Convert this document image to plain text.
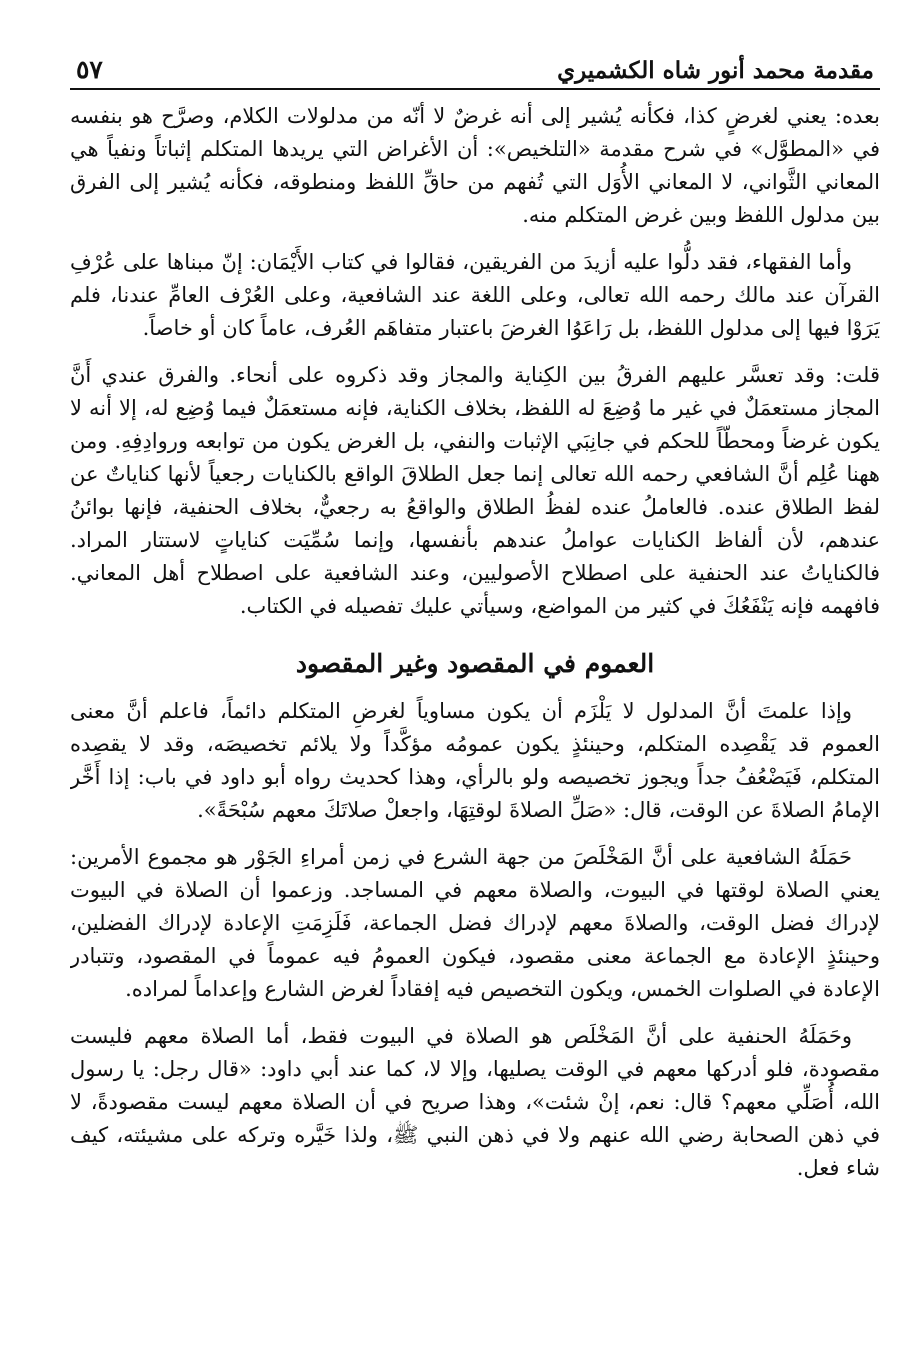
مقدمة محمد أنور شاه الكشميري
٥٧

بعده: يعني لغرضٍ كذا، فكأنه يُشير إلى أنه غرضٌ لا أنّه من مدلولات الكلام، وصرَّح هو بنفسه في «المطوَّل» في شرح مقدمة «التلخيص»: أن الأغراض التي يريدها المتكلم إثباتاً ونفياً هي المعاني الثَّواني، لا المعاني الأُوَل التي تُفهم من حاقِّ اللفظ ومنطوقه، فكأنه يُشير إلى الفرق بين مدلول اللفظ وبين غرض المتكلم منه.

وأما الفقهاء، فقد دلُّوا عليه أزيدَ من الفريقين، فقالوا في كتاب الأَيْمَان: إنّ مبناها على عُرْفِ القرآن عند مالك رحمه الله تعالى، وعلى اللغة عند الشافعية، وعلى العُرْف العامِّ عندنا، فلم يَرَوْا فيها إلى مدلول اللفظ، بل رَاعَوُا الغرضَ باعتبار متفاهَم العُرف، عاماً كان أو خاصاً.

قلت: وقد تعسَّر عليهم الفرقُ بين الكِناية والمجاز وقد ذكروه على أنحاء. والفرق عندي أَنَّ المجاز مستعمَلٌ في غير ما وُضِعَ له اللفظ، بخلاف الكناية، فإنه مستعمَلٌ فيما وُضِع له، إلا أنه لا يكون غرضاً ومحطّاً للحكم في جانِبَي الإثبات والنفي، بل الغرض يكون من توابعه وروادِفِهِ. ومن ههنا عُلِم أنَّ الشافعي رحمه الله تعالى إنما جعل الطلاقَ الواقع بالكنايات رجعياً لأنها كناياتٌ عن لفظ الطلاق عنده. فالعاملُ عنده لفظُ الطلاق والواقعُ به رجعيٌّ، بخلاف الحنفية، فإنها بوائنُ عندهم، لأن ألفاظ الكنايات عواملُ عندهم بأنفسها، وإنما سُمِّيَت كناياتٍ لاستتار المراد. فالكناياتُ عند الحنفية على اصطلاح الأصوليين، وعند الشافعية على اصطلاح أهل المعاني. فافهمه فإنه يَنْفَعُكَ في كثير من المواضع، وسيأتي عليك تفصيله في الكتاب.

العموم في المقصود وغير المقصود

وإذا علمتَ أنَّ المدلول لا يَلْزَم أن يكون مساوياً لغرضِ المتكلم دائماً، فاعلم أنَّ معنى العموم قد يَقْصِده المتكلم، وحينئذٍ يكون عمومُه مؤكَّداً ولا يلائم تخصيصَه، وقد لا يقصِده المتكلم، فَيَضْعُفُ جداً ويجوز تخصيصه ولو بالرأي، وهذا كحديث رواه أبو داود في باب: إذا أَخَّر الإمامُ الصلاةَ عن الوقت، قال: «صَلِّ الصلاةَ لوقتِهَا، واجعلْ صلاتَكَ معهم سُبْحَةً».

حَمَلَهُ الشافعية على أنَّ المَخْلَصَ من جهة الشرع في زمن أمراءِ الجَوْر هو مجموع الأمرين: يعني الصلاة لوقتها في البيوت، والصلاة معهم في المساجد. وزعموا أن الصلاة في البيوت لإدراك فضل الوقت، والصلاةَ معهم لإدراك فضل الجماعة، فَلَزِمَتِ الإعادة لإدراك الفضلين، وحينئذٍ الإعادة مع الجماعة معنى مقصود، فيكون العمومُ فيه عموماً في المقصود، وتتبادر الإعادة في الصلوات الخمس، ويكون التخصيص فيه إفقاداً لغرض الشارع وإعداماً لمراده.

وحَمَلَهُ الحنفية على أنَّ المَخْلَص هو الصلاة في البيوت فقط، أما الصلاة معهم فليست مقصودة، فلو أدركها معهم في الوقت يصليها، وإلا لا، كما عند أبي داود: «قال رجل: يا رسول الله، أُصَلِّي معهم؟ قال: نعم، إنْ شئت»، وهذا صريح في أن الصلاة معهم ليست مقصودةً، لا في ذهن الصحابة رضي الله عنهم ولا في ذهن النبي ﷺ، ولذا خَيَّره وتركه على مشيئته، كيف شاء فعل.
